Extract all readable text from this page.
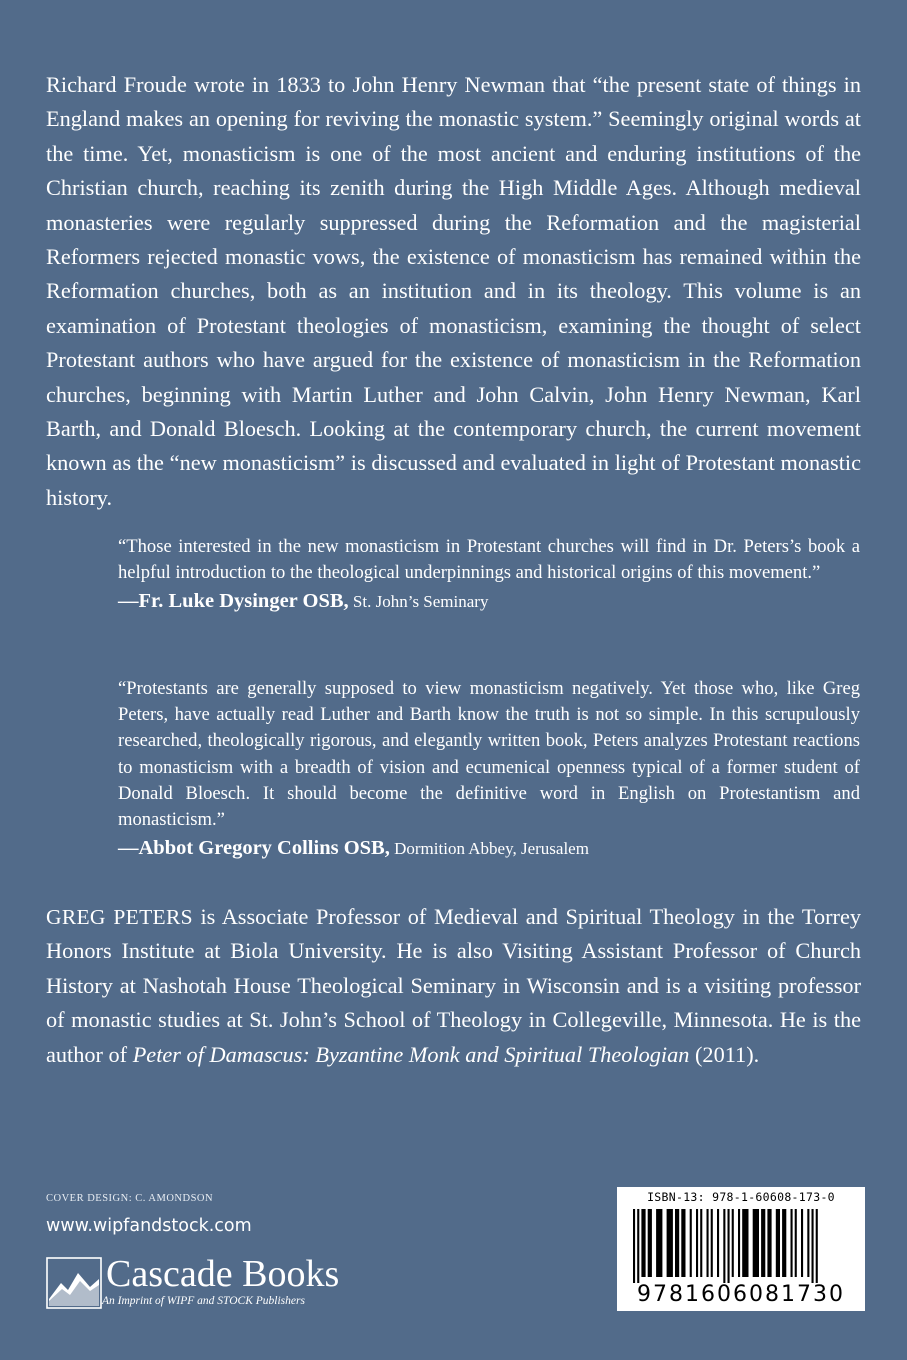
Richard Froude wrote in 1833 to John Henry Newman that “the present state of things in England makes an opening for reviving the monastic system.” Seemingly original words at the time. Yet, monasticism is one of the most ancient and enduring institutions of the Christian church, reaching its zenith during the High Middle Ages. Although medieval monasteries were regularly suppressed during the Reformation and the magisterial Reformers rejected monastic vows, the existence of monasticism has remained within the Reformation churches, both as an institution and in its theology. This volume is an examination of Protestant theologies of monasticism, examining the thought of select Protestant authors who have argued for the existence of monasticism in the Reformation churches, beginning with Martin Luther and John Calvin, John Henry Newman, Karl Barth, and Donald Bloesch. Looking at the contemporary church, the current movement known as the “new monasticism” is discussed and evaluated in light of Protestant monastic history.

“Those interested in the new monasticism in Protestant churches will find in Dr. Peters’s book a helpful introduction to the theological underpinnings and historical origins of this movement.”

—Fr. Luke Dysinger OSB, St. John’s Seminary

“Protestants are generally supposed to view monasticism negatively. Yet those who, like Greg Peters, have actually read Luther and Barth know the truth is not so simple. In this scrupulously researched, theologically rigorous, and elegantly written book, Peters analyzes Protestant reactions to monasticism with a breadth of vision and ecumenical openness typical of a former student of Donald Bloesch. It should become the definitive word in English on Protestantism and monasticism.”

—Abbot Gregory Collins OSB, Dormition Abbey, Jerusalem

GREG PETERS is Associate Professor of Medieval and Spiritual Theology in the Torrey Honors Institute at Biola University. He is also Visiting Assistant Professor of Church History at Nashotah House Theological Seminary in Wisconsin and is a visiting professor of monastic studies at St. John’s School of Theology in Collegeville, Minnesota. He is the author of Peter of Damascus: Byzantine Monk and Spiritual Theologian (2011).

COVER DESIGN: C. AMONDSON
www.wipfandstock.com
Cascade Books
An Imprint of WIPF and STOCK Publishers
ISBN-13: 978-1-60608-173-0
9781606081730
